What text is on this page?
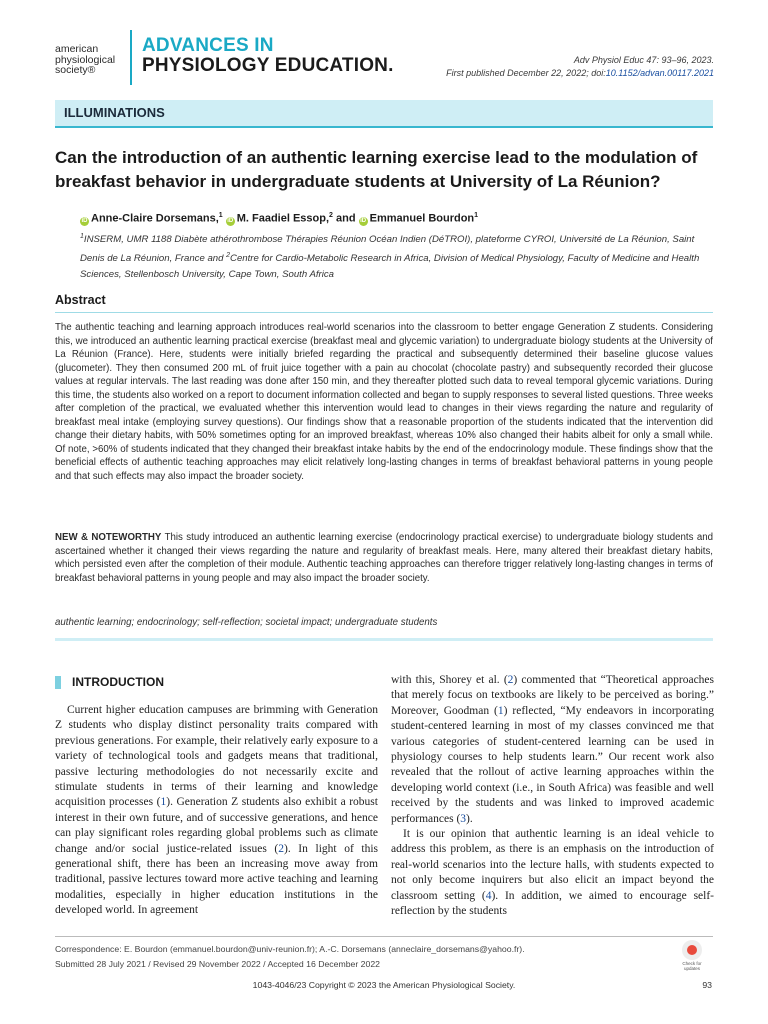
american
physiological
society®
ADVANCES IN
PHYSIOLOGY EDUCATION.	Adv Physiol Educ 47: 93–96, 2023.
First published December 22, 2022; doi:10.1152/advan.00117.2021
ILLUMINATIONS
Can the introduction of an authentic learning exercise lead to the modulation of breakfast behavior in undergraduate students at University of La Réunion?
iD Anne-Claire Dorsemans,$^1$ iD M. Faadiel Essop,$^2$ and iD Emmanuel Bourdon$^1$
$^1$INSERM, UMR 1188 Diabète athérothrombose Thérapies Réunion Océan Indien (DéTROI), plateforme CYROI, Université de La Réunion, Saint Denis de La Réunion, France and $^2$Centre for Cardio-Metabolic Research in Africa, Division of Medical Physiology, Faculty of Medicine and Health Sciences, Stellenbosch University, Cape Town, South Africa
Abstract
The authentic teaching and learning approach introduces real-world scenarios into the classroom to better engage Generation Z students. Considering this, we introduced an authentic learning practical exercise (breakfast meal and glycemic variation) to undergraduate biology students at the University of La Réunion (France). Here, students were initially briefed regarding the practical and subsequently determined their baseline glucose values (glucometer). They then consumed 200 mL of fruit juice together with a pain au chocolat (chocolate pastry) and subsequently recorded their glucose values at regular intervals. The last reading was done after 150 min, and they thereafter plotted such data to reveal temporal glycemic variations. During this time, the students also worked on a report to document information collected and began to supply responses to several listed questions. Three weeks after completion of the practical, we evaluated whether this intervention would lead to changes in their views regarding the nature and regularity of breakfast meal intake (employing survey questions). Our findings show that a reasonable proportion of the students indicated that the intervention did change their dietary habits, with 50% sometimes opting for an improved breakfast, whereas 10% also changed their habits albeit for only a small while. Of note, >60% of students indicated that they changed their breakfast intake habits by the end of the endocrinology module. These findings show that the beneficial effects of authentic teaching approaches may elicit relatively long-lasting changes in terms of breakfast behavioral patterns in young people and that such effects may also impact the broader society.
NEW & NOTEWORTHY This study introduced an authentic learning exercise (endocrinology practical exercise) to undergraduate biology students and ascertained whether it changed their views regarding the nature and regularity of breakfast meals. Here, many altered their breakfast dietary habits, which persisted even after the completion of their module. Authentic teaching approaches can therefore trigger relatively long-lasting changes in terms of breakfast behavioral patterns in young people and may also impact the broader society.
authentic learning; endocrinology; self-reflection; societal impact; undergraduate students
INTRODUCTION

Current higher education campuses are brimming with Generation Z students who display distinct personality traits compared with previous generations. For example, their relatively early exposure to a variety of technological tools and gadgets means that traditional, passive lecturing methodologies do not necessarily excite and stimulate students in terms of their learning and knowledge acquisition processes (1). Generation Z students also exhibit a robust interest in their own future, and of successive generations, and hence can play significant roles regarding global problems such as climate change and/or social justice-related issues (2). In light of this generational shift, there has been an increasing move away from traditional, passive lectures toward more active teaching and learning modalities, especially in higher education institutions in the developed world. In agreement

with this, Shorey et al. (2) commented that “Theoretical approaches that merely focus on textbooks are likely to be perceived as boring.” Moreover, Goodman (1) reflected, “My endeavors in incorporating student-centered learning in most of my classes convinced me that various categories of student-centered learning can be used in physiology courses to help students learn.” Our recent work also revealed that the rollout of active learning approaches within the developing world context (i.e., in South Africa) was feasible and well received by the students and was linked to improved academic performances (3).

It is our opinion that authentic learning is an ideal vehicle to address this problem, as there is an emphasis on the introduction of real-world scenarios into the lecture halls, with students expected to not only become inquirers but also elicit an impact beyond the classroom setting (4). In addition, we aimed to encourage self-reflection by the students

Correspondence: E. Bourdon (emmanuel.bourdon@univ-reunion.fr); A.-C. Dorsemans (anneclaire_dorsemans@yahoo.fr).
Submitted 28 July 2021 / Revised 29 November 2022 / Accepted 16 December 2022	Check for updates
1043-4046/23 Copyright © 2023 the American Physiological Society.	93
